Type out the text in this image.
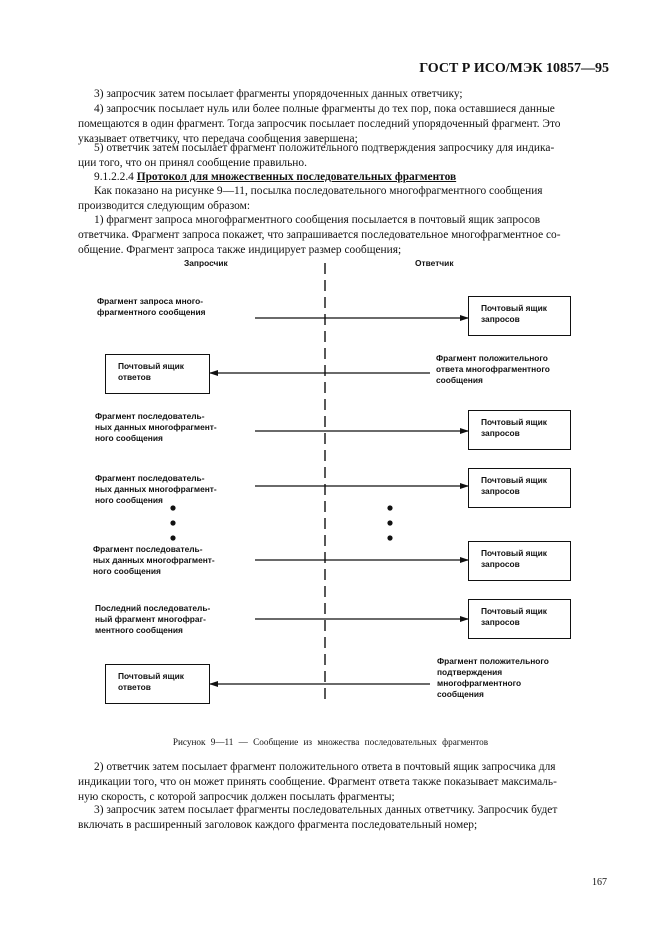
ГОСТ Р ИСО/МЭК 10857—95
3) запросчик затем посылает фрагменты упорядоченных данных ответчику;
4) запросчик посылает нуль или более полные фрагменты до тех пор, пока оставшиеся данные
помещаются в один фрагмент. Тогда запросчик посылает последний упорядоченный фрагмент. Это
указывает ответчику, что передача сообщения завершена;
5) ответчик затем посылает фрагмент положительного подтверждения запросчику для индика-
ции того, что он принял сообщение правильно.
9.1.2.2.4 Протокол для множественных последовательных фрагментов
Как показано на рисунке 9—11, посылка последовательного многофрагментного сообщения
производится следующим образом:
1) фрагмент запроса многофрагментного сообщения посылается в почтовый ящик запросов
ответчика. Фрагмент запроса покажет, что запрашивается последовательное многофрагментное со-
общение. Фрагмент запроса также индицирует размер сообщения;
Запросчик	Ответчик
Фрагмент запроса много-
фрагментного сообщения
Фрагмент положительного
ответа многофрагментного
сообщения
Фрагмент последователь-
ных данных многофрагмент-
ного сообщения
Фрагмент последователь-
ных данных многофрагмент-
ного сообщения
Фрагмент последователь-
ных данных многофрагмент-
ного сообщения
Последний последователь-
ный фрагмент многофраг-
ментного сообщения
Фрагмент положительного
подтверждения
многофрагментного
сообщения
Почтовый ящик
запросов
Почтовый ящик
ответов
Почтовый ящик
запросов
Почтовый ящик
запросов
Почтовый ящик
запросов
Почтовый ящик
запросов
Почтовый ящик
ответов
Рисунок 9—11 — Сообщение из множества последовательных фрагментов
2) ответчик затем посылает фрагмент положительного ответа в почтовый ящик запросчика для
индикации того, что он может принять сообщение. Фрагмент ответа также показывает максималь-
ную скорость, с которой запросчик должен посылать фрагменты;
3) запросчик затем посылает фрагменты последовательных данных ответчику. Запросчик будет
включать в расширенный заголовок каждого фрагмента последовательный номер;
167
